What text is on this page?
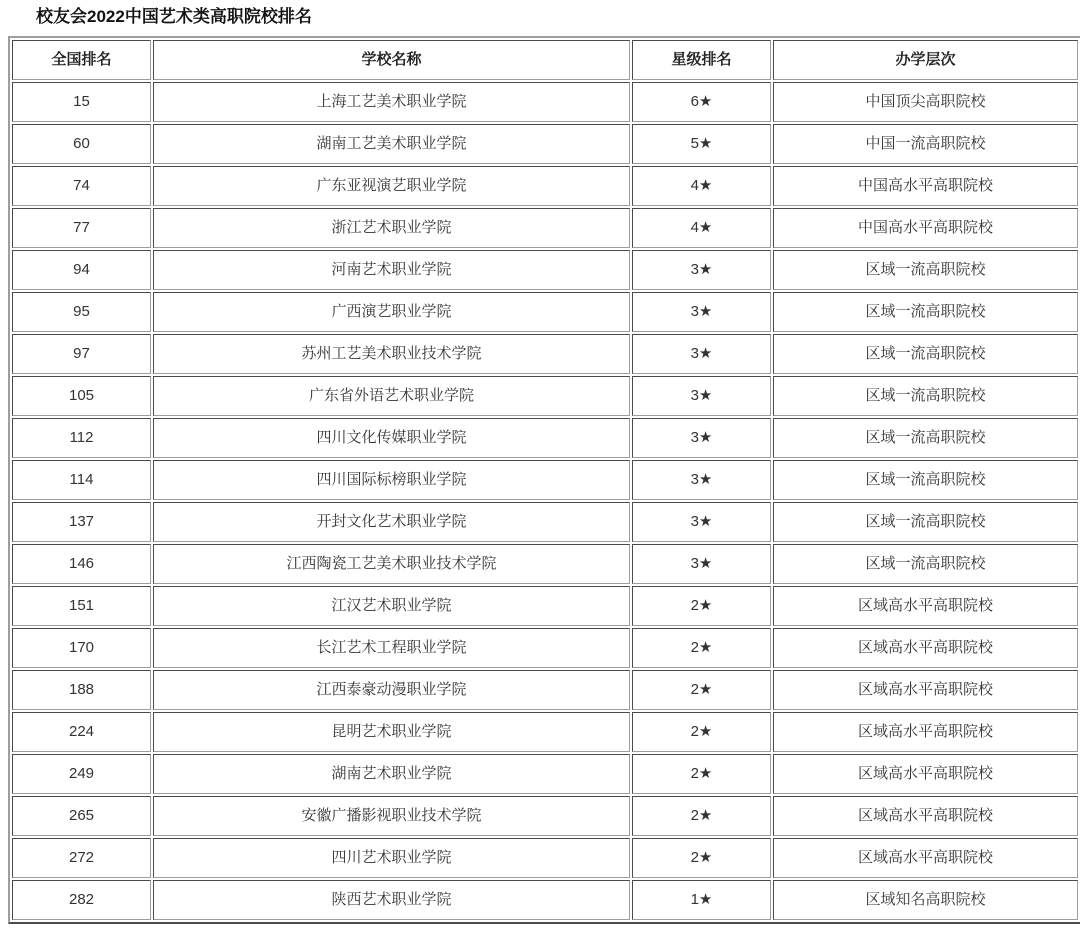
校友会2022中国艺术类高职院校排名
全国排名	学校名称	星级排名	办学层次
15	上海工艺美术职业学院	6★	中国顶尖高职院校
60	湖南工艺美术职业学院	5★	中国一流高职院校
74	广东亚视演艺职业学院	4★	中国高水平高职院校
77	浙江艺术职业学院	4★	中国高水平高职院校
94	河南艺术职业学院	3★	区域一流高职院校
95	广西演艺职业学院	3★	区域一流高职院校
97	苏州工艺美术职业技术学院	3★	区域一流高职院校
105	广东省外语艺术职业学院	3★	区域一流高职院校
112	四川文化传媒职业学院	3★	区域一流高职院校
114	四川国际标榜职业学院	3★	区域一流高职院校
137	开封文化艺术职业学院	3★	区域一流高职院校
146	江西陶瓷工艺美术职业技术学院	3★	区域一流高职院校
151	江汉艺术职业学院	2★	区域高水平高职院校
170	长江艺术工程职业学院	2★	区域高水平高职院校
188	江西泰豪动漫职业学院	2★	区域高水平高职院校
224	昆明艺术职业学院	2★	区域高水平高职院校
249	湖南艺术职业学院	2★	区域高水平高职院校
265	安徽广播影视职业技术学院	2★	区域高水平高职院校
272	四川艺术职业学院	2★	区域高水平高职院校
282	陕西艺术职业学院	1★	区域知名高职院校
